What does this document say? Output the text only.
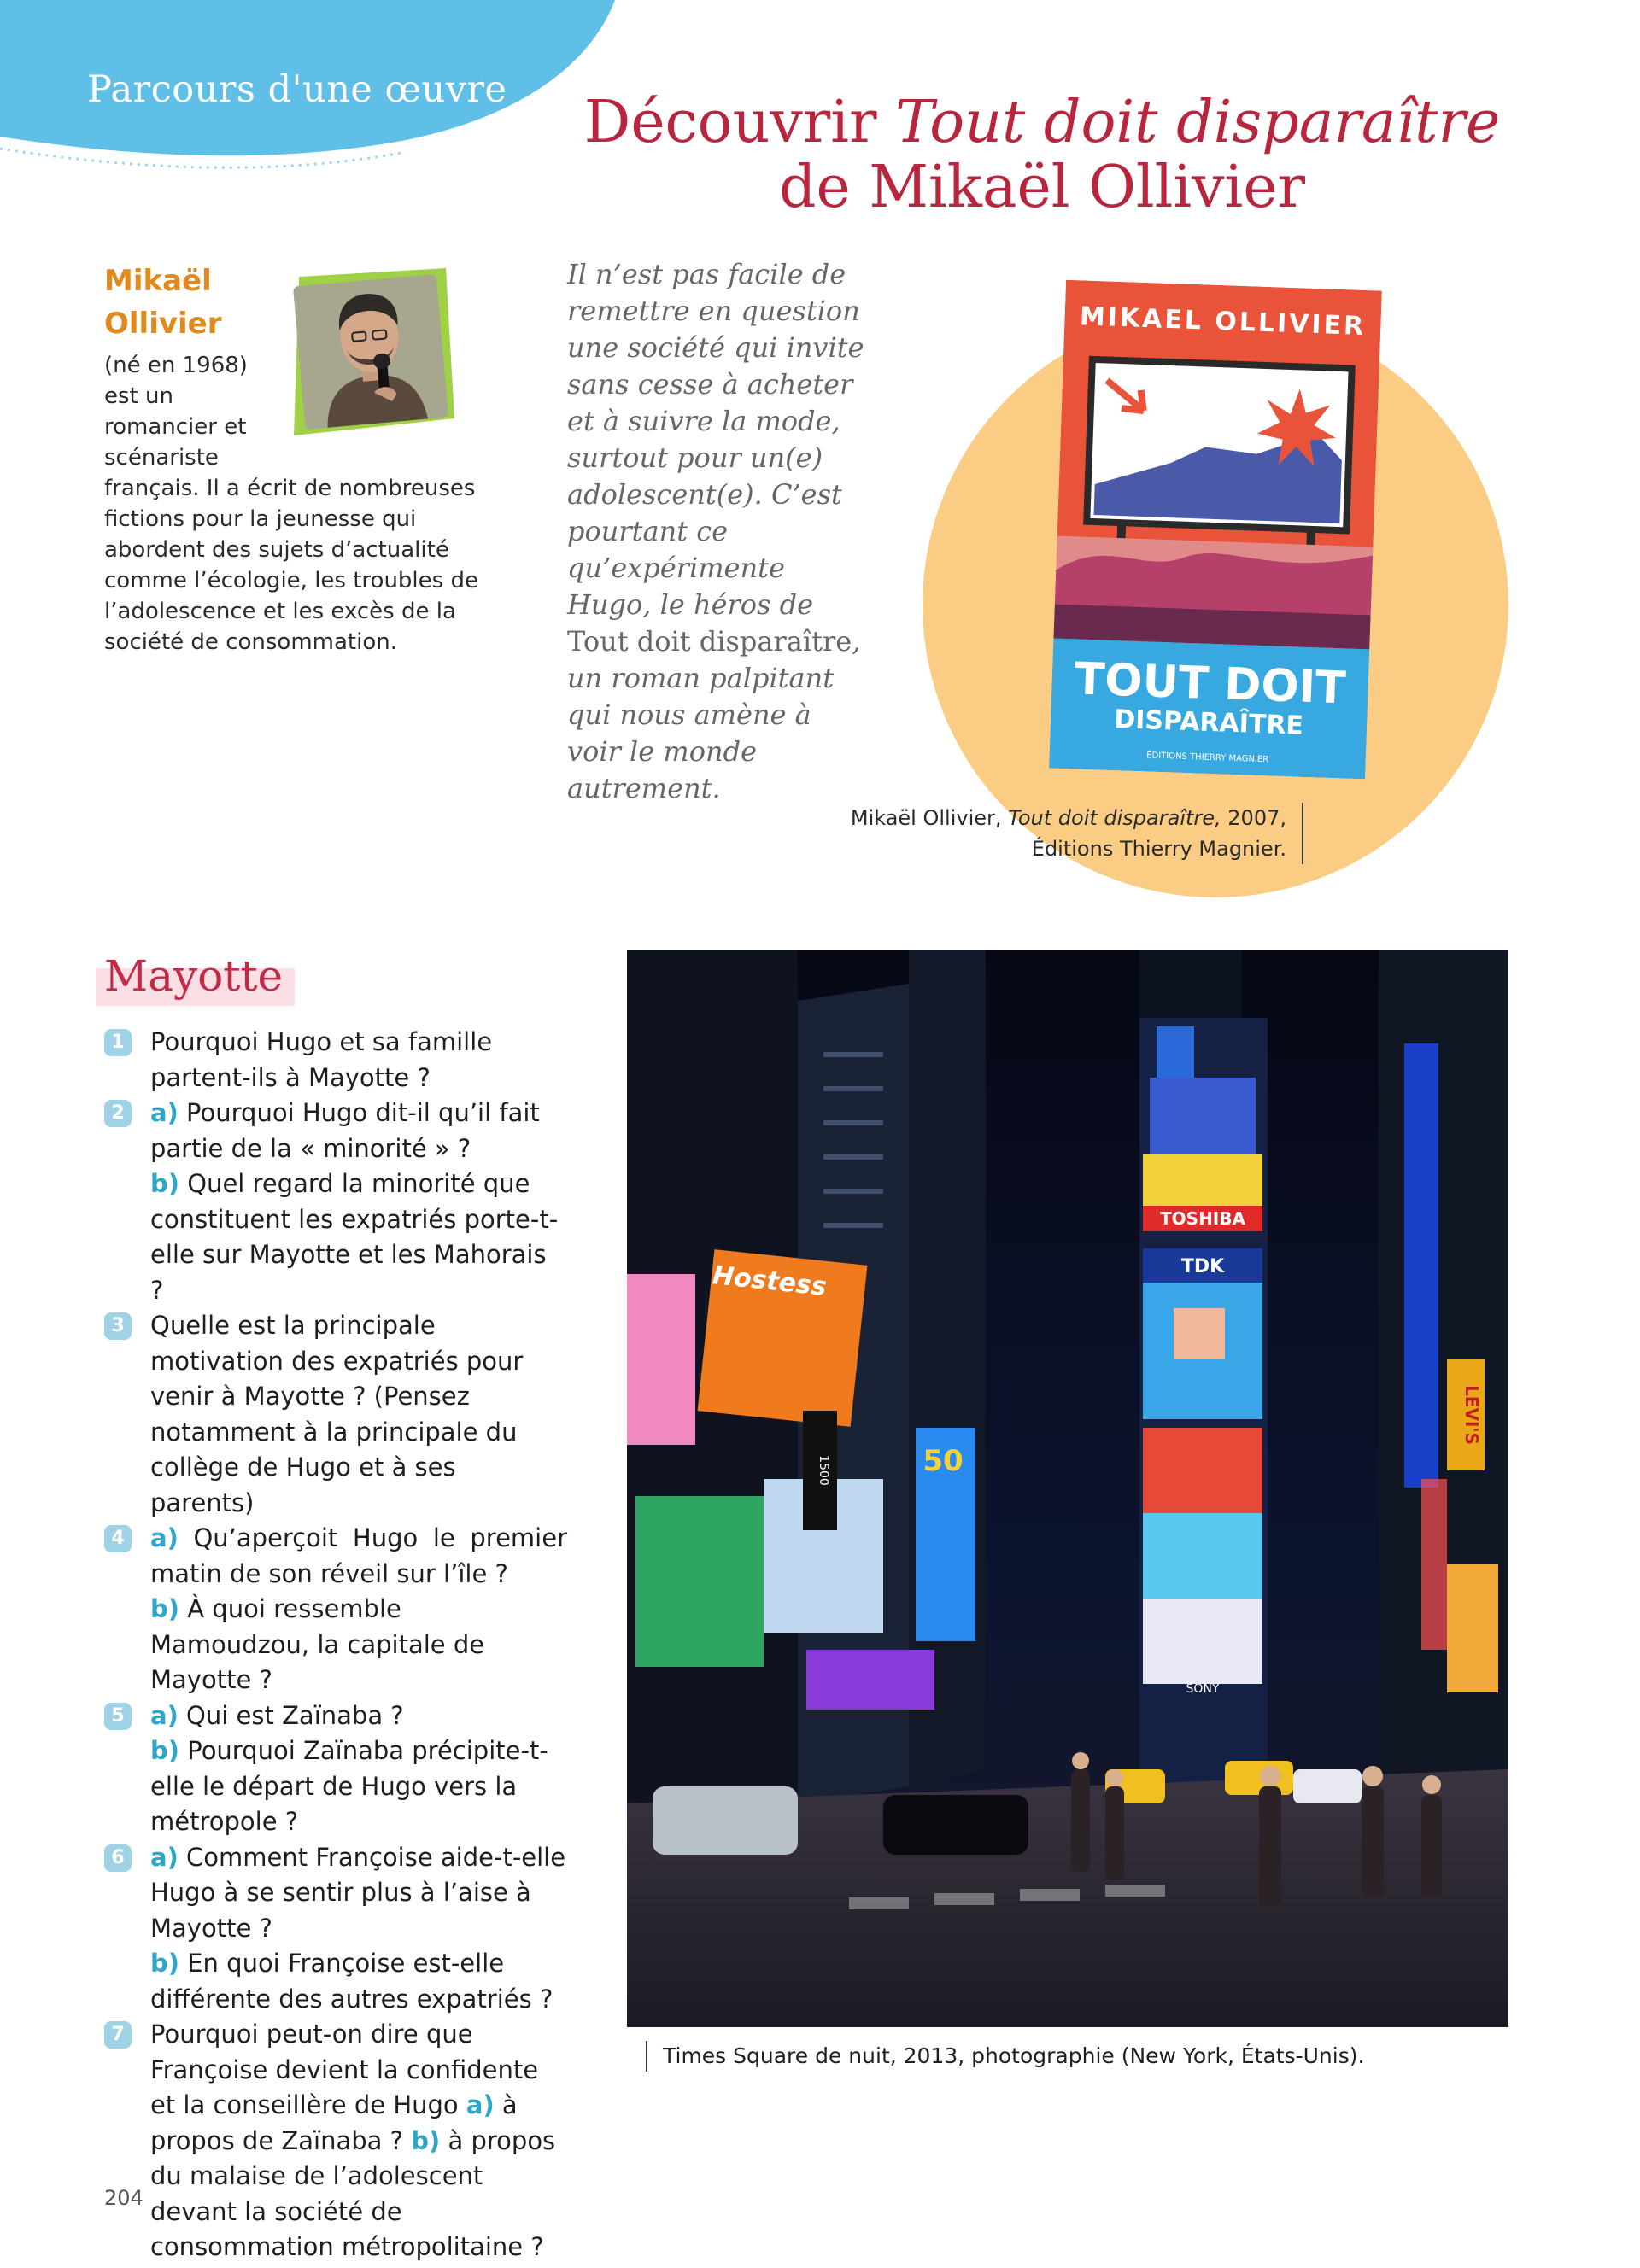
Parcours d'une œuvre	Découvrir Tout doit disparaître
de Mikaël Ollivier
Mikaël Ollivier
(né en 1968) est un romancier et scénariste
français. Il a écrit de nombreuses fictions pour la jeunesse qui abordent des sujets d’actualité comme l’écologie, les troubles de l’adolescence et les excès de la société de consommation.
Il n’est pas facile de remettre en question une société qui invite sans cesse à acheter et à suivre la mode, surtout pour un(e) adolescent(e). C’est pourtant ce qu’expérimente Hugo, le héros de Tout doit disparaître, un roman palpitant qui nous amène à voir le monde autrement.
MIKAEL OLLIVIER
TOUT DOIT
DISPARAÎTRE
ÉDITIONS THIERRY MAGNIER
Mikaël Ollivier, Tout doit disparaître, 2007,
Éditions Thierry Magnier.
Mayotte
1 Pourquoi Hugo et sa famille partent-ils à Mayotte ?
2 a) Pourquoi Hugo dit-il qu’il fait partie de la « minorité » ?
b) Quel regard la minorité que constituent les expatriés porte-t-elle sur Mayotte et les Mahorais ?
3 Quelle est la principale motivation des expatriés pour venir à Mayotte ? (Pensez notamment à la principale du collège de Hugo et à ses parents)
4 a) Qu’aperçoit Hugo le premier matin de son réveil sur l’île ?
b) À quoi ressemble Mamoudzou, la capitale de Mayotte ?
5 a) Qui est Zaïnaba ?
b) Pourquoi Zaïnaba précipite-t-elle le départ de Hugo vers la métropole ?
6 a) Comment Françoise aide-t-elle Hugo à se sentir plus à l’aise à Mayotte ?
b) En quoi Françoise est-elle différente des autres expatriés ?
7 Pourquoi peut-on dire que Françoise devient la confidente et la conseillère de Hugo a) à propos de Zaïnaba ? b) à propos du malaise de l’adolescent devant la société de consommation métropolitaine ?
TOSHIBA
TDK
SONY
Hostess
1500	50
LEVI'S
Times Square de nuit, 2013, photographie (New York, États-Unis).
204
